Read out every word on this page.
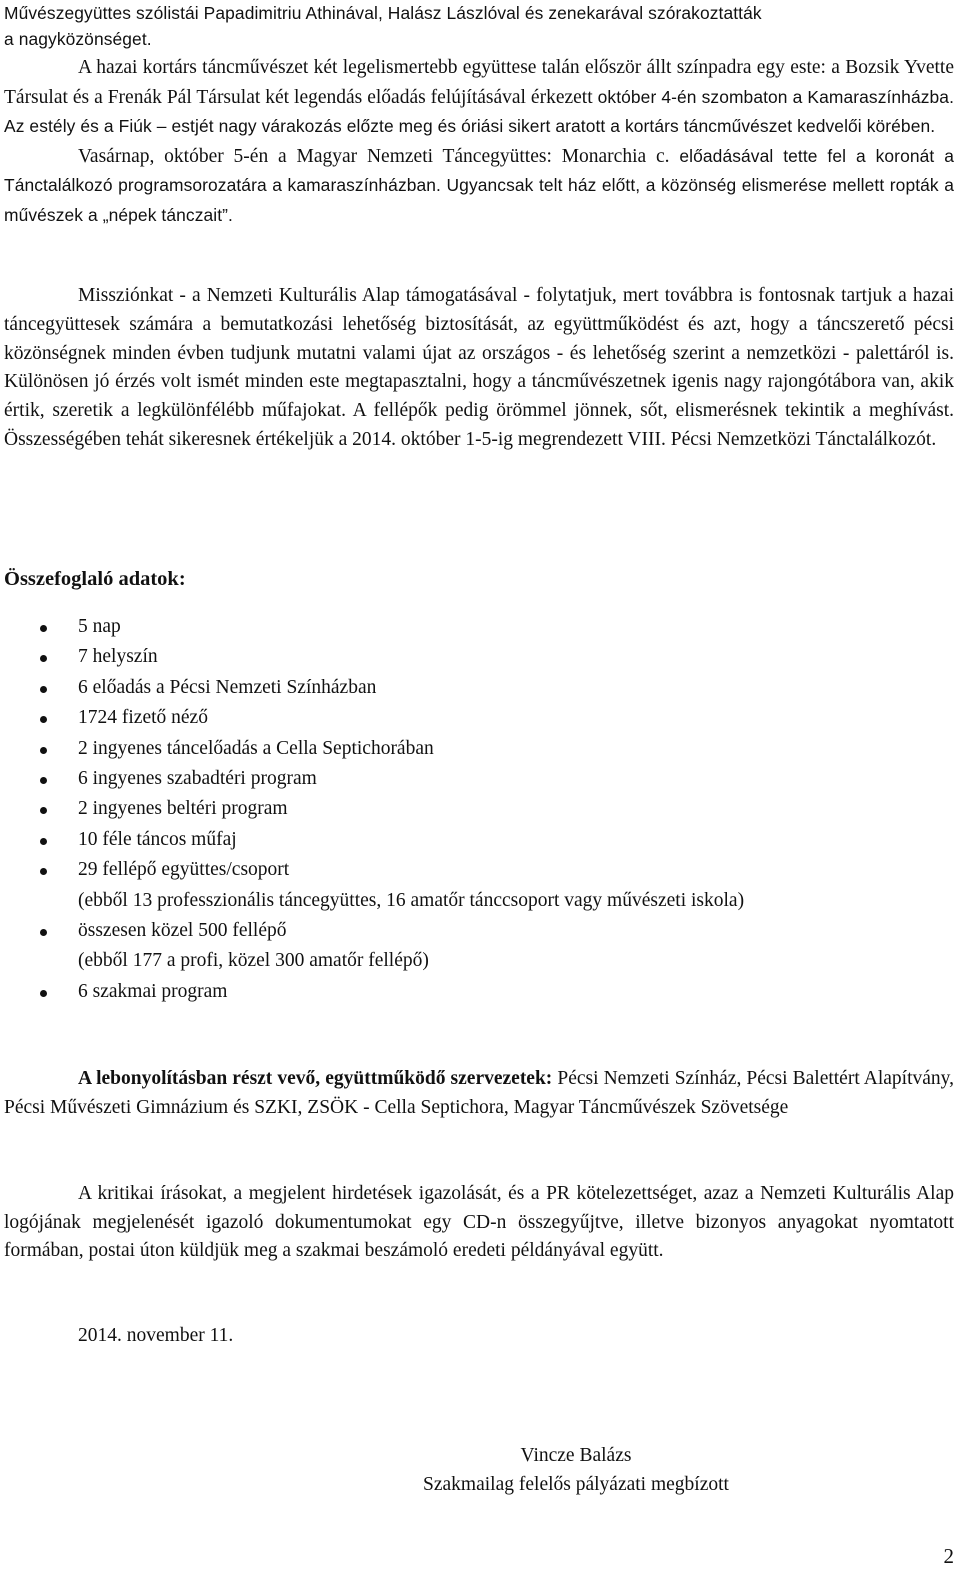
Művészegyüttes szólistái Papadimitriu Athinával, Halász Lászlóval és zenekarával szórakoztatták
a nagyközönséget.

A hazai kortárs táncművészet két legelismertebb együttese talán először állt színpadra egy este: a Bozsik Yvette Társulat és a Frenák Pál Társulat két legendás előadás felújításával érkezett október 4-én szombaton a Kamaraszínházba. Az estély és a Fiúk – estjét nagy várakozás előzte meg és óriási sikert aratott a kortárs táncművészet kedvelői körében.

Vasárnap, október 5-én a Magyar Nemzeti Táncegyüttes: Monarchia c. előadásával tette fel a koronát a Tánctalálkozó programsorozatára a kamaraszínházban. Ugyancsak telt ház előtt, a közönség elismerése mellett ropták a művészek a „népek tánczait”.

Missziónkat - a Nemzeti Kulturális Alap támogatásával - folytatjuk, mert továbbra is fontosnak tartjuk a hazai táncegyüttesek számára a bemutatkozási lehetőség biztosítását, az együttműködést és azt, hogy a táncszerető pécsi közönségnek minden évben tudjunk mutatni valami újat az országos - és lehetőség szerint a nemzetközi - palettáról is. Különösen jó érzés volt ismét minden este megtapasztalni, hogy a táncművészetnek igenis nagy rajongótábora van, akik értik, szeretik a legkülönfélébb műfajokat. A fellépők pedig örömmel jönnek, sőt, elismerésnek tekintik a meghívást. Összességében tehát sikeresnek értékeljük a 2014. október 1-5-ig megrendezett VIII. Pécsi Nemzetközi Tánctalálkozót.

Összefoglaló adatok:
5 nap
7 helyszín
6 előadás a Pécsi Nemzeti Színházban
1724 fizető néző
2 ingyenes táncelőadás a Cella Septichorában
6 ingyenes szabadtéri program
2 ingyenes beltéri program
10 féle táncos műfaj
29 fellépő együttes/csoport
(ebből 13 professzionális táncegyüttes, 16 amatőr tánccsoport vagy művészeti iskola)
összesen közel 500 fellépő
(ebből 177 a profi, közel 300 amatőr fellépő)
6 szakmai program

A lebonyolításban részt vevő, együttműködő szervezetek: Pécsi Nemzeti Színház, Pécsi Balettért Alapítvány, Pécsi Művészeti Gimnázium és SZKI, ZSÖK - Cella Septichora, Magyar Táncművészek Szövetsége

A kritikai írásokat, a megjelent hirdetések igazolását, és a PR kötelezettséget, azaz a Nemzeti Kulturális Alap logójának megjelenését igazoló dokumentumokat egy CD-n összegyűjtve, illetve bizonyos anyagokat nyomtatott formában, postai úton küldjük meg a szakmai beszámoló eredeti példányával együtt.

2014. november 11.
Vincze Balázs
Szakmailag felelős pályázati megbízott
2
